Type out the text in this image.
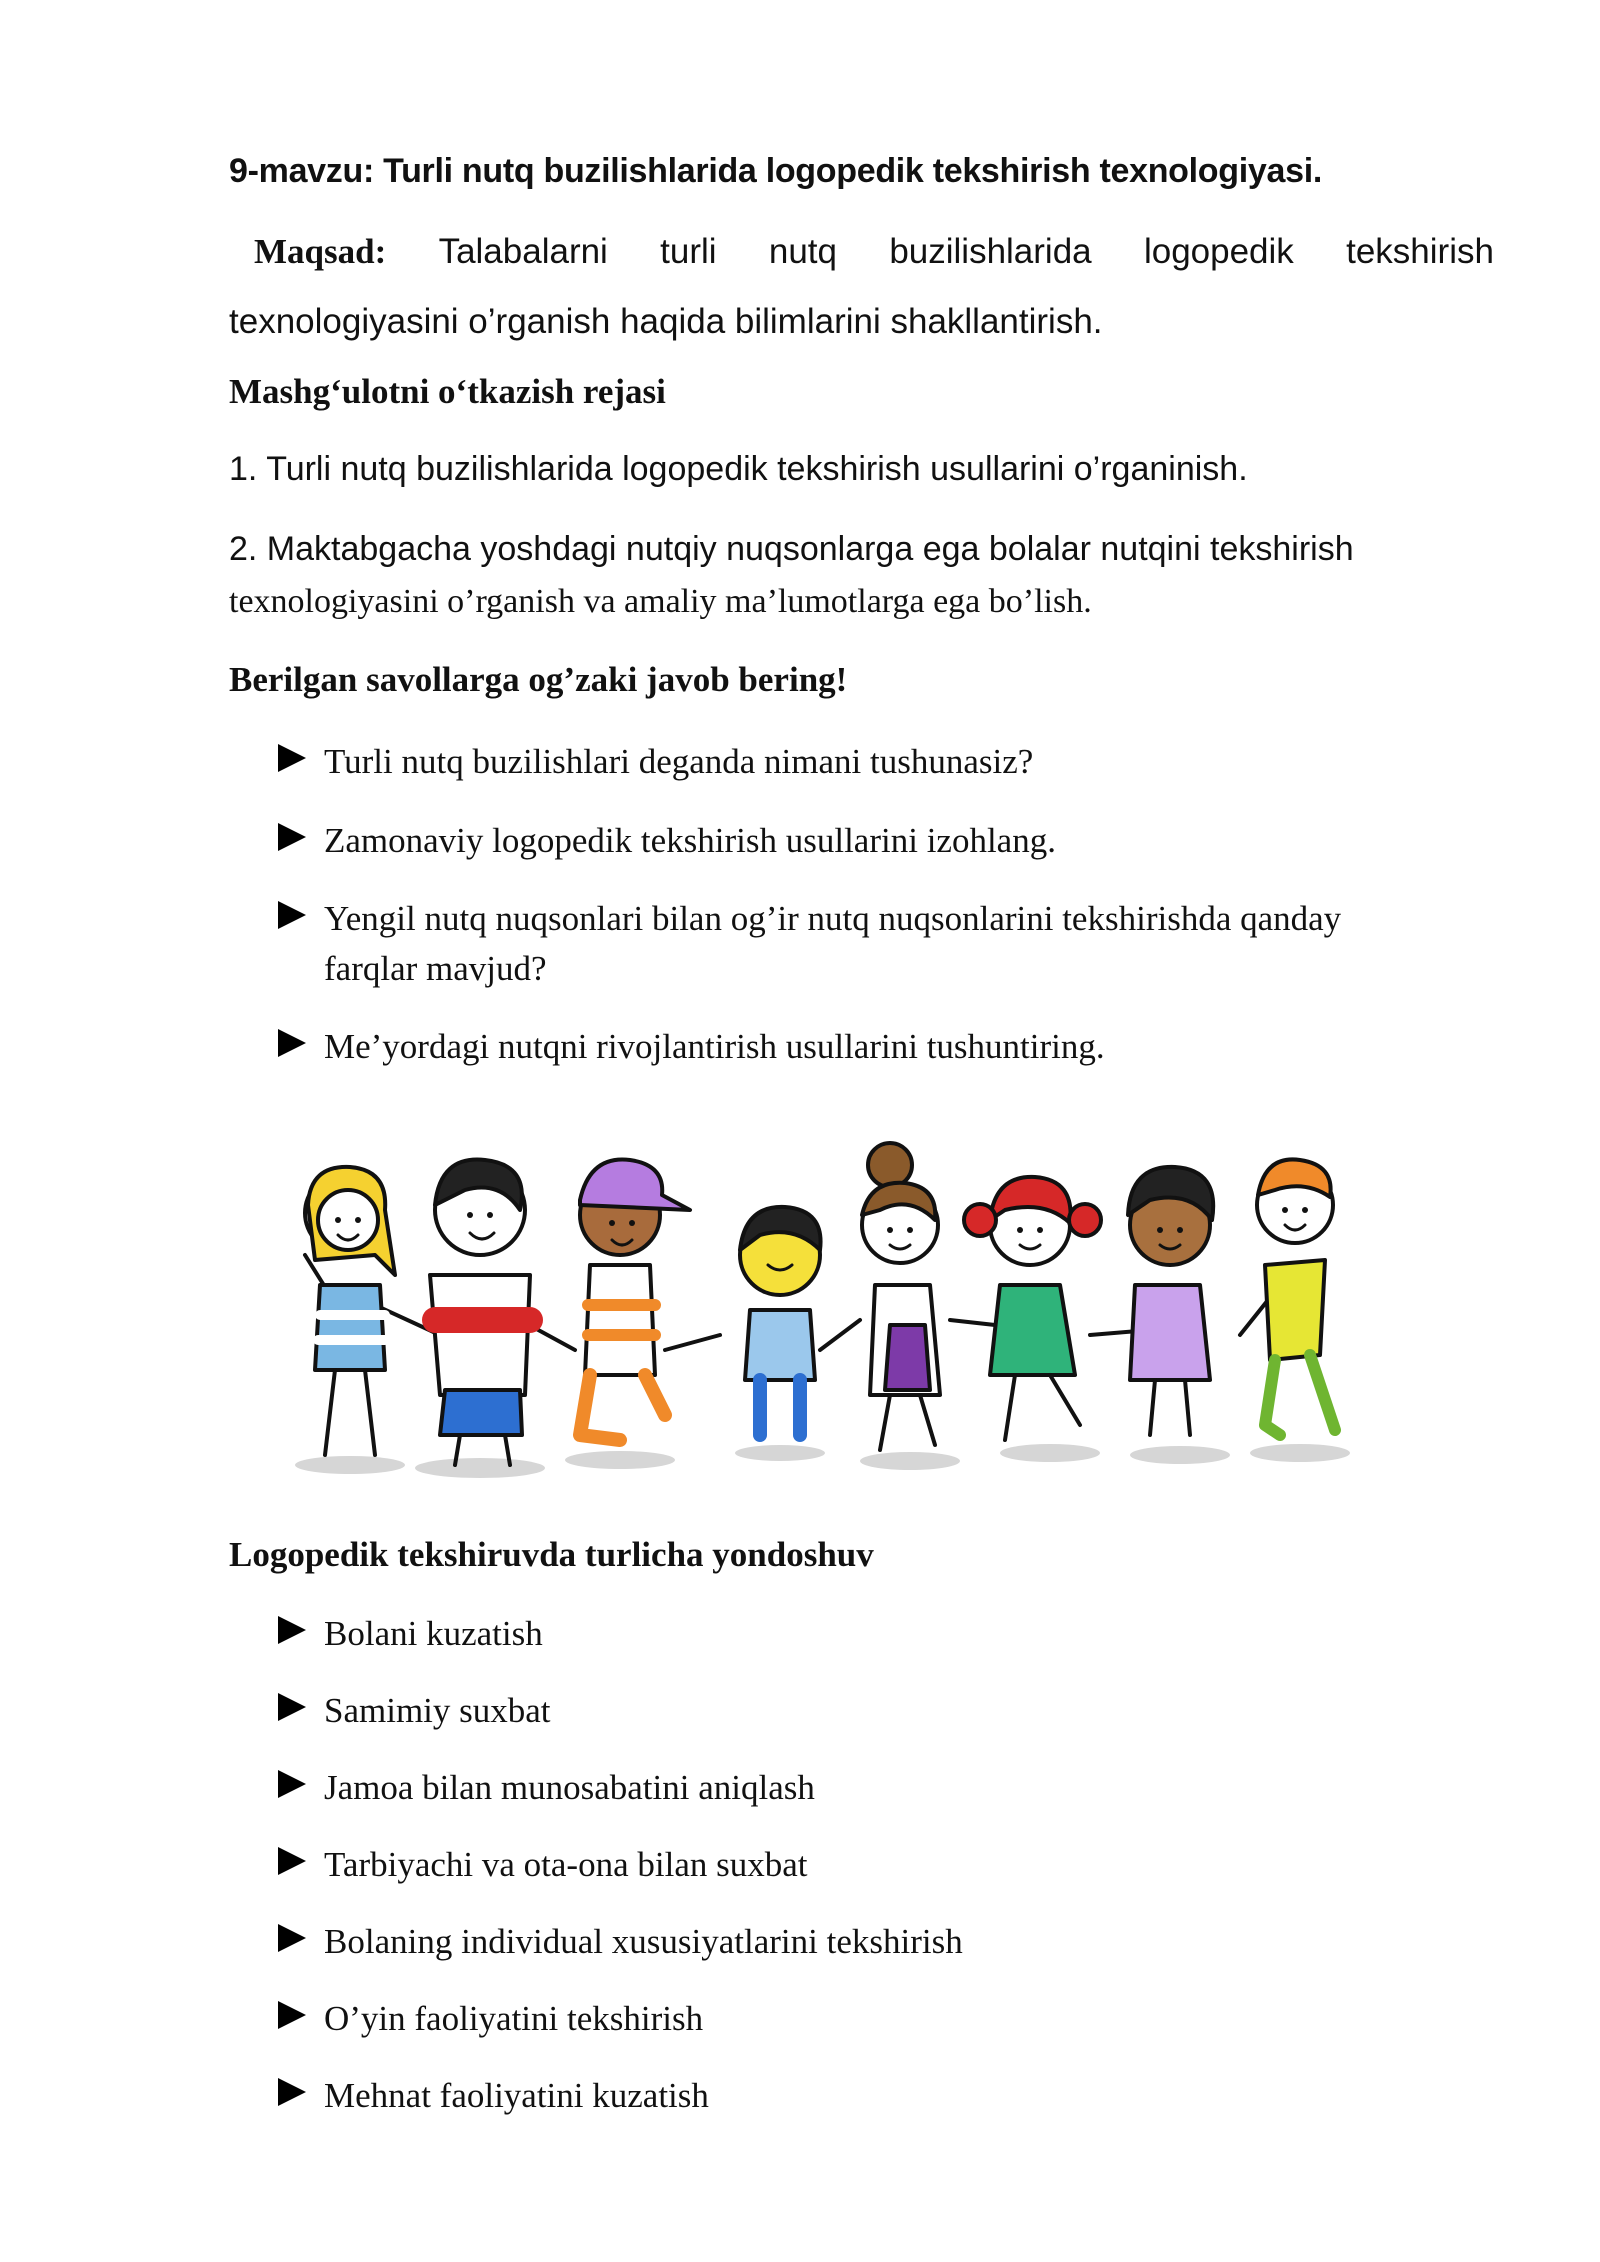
9-mavzu: Turli nutq buzilishlarida logopedik tekshirish texnologiyasi.
Maqsad: Talabalarni turli nutq buzilishlarida logopedik tekshirish
texnologiyasini o’rganish haqida bilimlarini shakllantirish.
Mashg‘ulotni o‘tkazish rejasi
1. Turli nutq buzilishlarida logopedik tekshirish usullarini o’rganinish.
2. Maktabgacha yoshdagi nutqiy nuqsonlarga ega bolalar nutqini tekshirish
texnologiyasini o’rganish va amaliy ma’lumotlarga ega bo’lish.
Berilgan savollarga og’zaki javob bering!
Turli nutq buzilishlari deganda nimani tushunasiz?
Zamonaviy logopedik tekshirish usullarini izohlang.
Yengil nutq nuqsonlari bilan og’ir nutq nuqsonlarini tekshirishda qanday
farqlar mavjud?
Me’yordagi nutqni rivojlantirish usullarini tushuntiring.
Logopedik tekshiruvda turlicha yondoshuv
Bolani kuzatish
Samimiy suxbat
Jamoa bilan munosabatini aniqlash
Tarbiyachi va ota-ona bilan suxbat
Bolaning individual xususiyatlarini tekshirish
O’yin faoliyatini tekshirish
Mehnat faoliyatini kuzatish
